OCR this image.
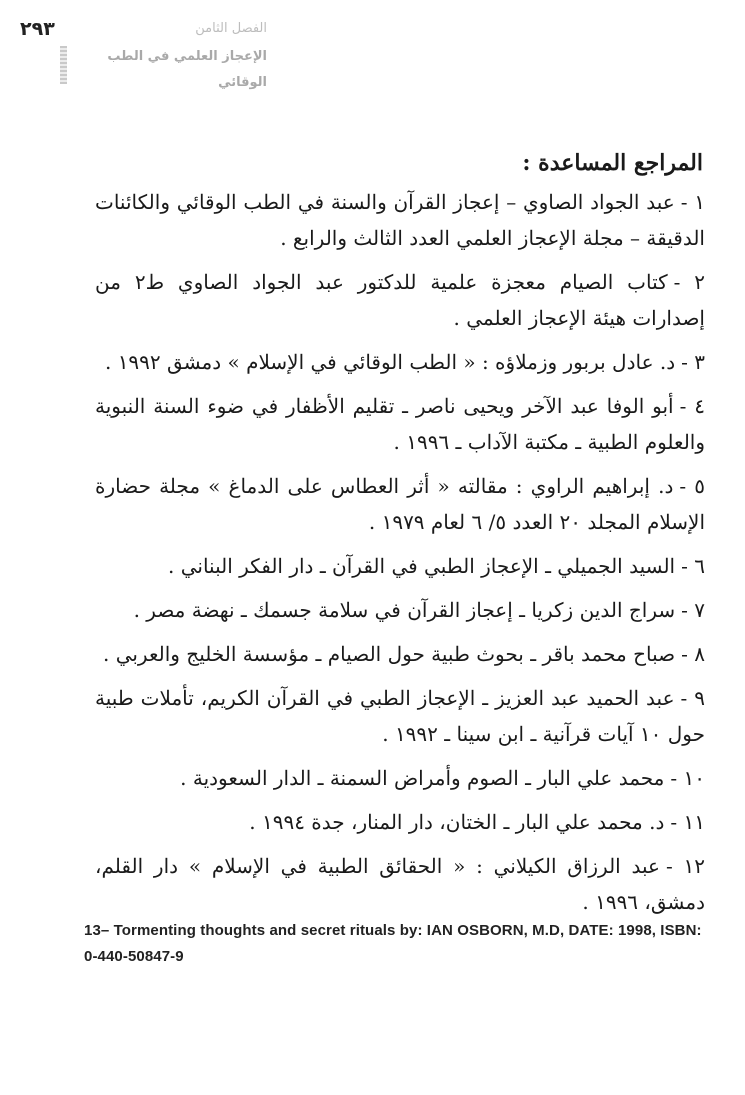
٢٩٣	الفصل الثامن
الإعجاز العلمي في الطب الوقائي
المراجع المساعدة :
١ -عبد الجواد الصاوي – إعجاز القرآن والسنة في الطب الوقائي والكائنات الدقيقة – مجلة الإعجاز العلمي العدد الثالث والرابع .
٢ -كتاب الصيام معجزة علمية للدكتور عبد الجواد الصاوي ط٢ من إصدارات هيئة الإعجاز العلمي .
٣ -د. عادل بربور وزملاؤه : « الطب الوقائي في الإسلام » دمشق ١٩٩٢ .
٤ -أبو الوفا عبد الآخر ويحيى ناصر ـ تقليم الأظفار في ضوء السنة النبوية والعلوم الطبية ـ مكتبة الآداب ـ ١٩٩٦ .
٥ -د. إبراهيم الراوي : مقالته « أثر العطاس على الدماغ » مجلة حضارة الإسلام المجلد ٢٠ العدد ٥/ ٦ لعام ١٩٧٩ .
٦ -السيد الجميلي ـ الإعجاز الطبي في القرآن ـ دار الفكر البناني .
٧ -سراج الدين زكريا ـ إعجاز القرآن في سلامة جسمك ـ نهضة مصر .
٨ -صباح محمد باقر ـ بحوث طبية حول الصيام ـ مؤسسة الخليج والعربي .
٩ -عبد الحميد عبد العزيز ـ الإعجاز الطبي في القرآن الكريم، تأملات طبية حول ١٠ آيات قرآنية ـ ابن سينا ـ ١٩٩٢ .
١٠ -محمد علي البار ـ الصوم وأمراض السمنة ـ الدار السعودية .
١١ -د. محمد علي البار ـ الختان، دار المنار، جدة ١٩٩٤ .
١٢ -عبد الرزاق الكيلاني : « الحقائق الطبية في الإسلام » دار القلم، دمشق، ١٩٩٦ .
13– Tormenting thoughts and secret rituals by: IAN OSBORN, M.D, DATE: 1998, ISBN: 0-440-50847-9
